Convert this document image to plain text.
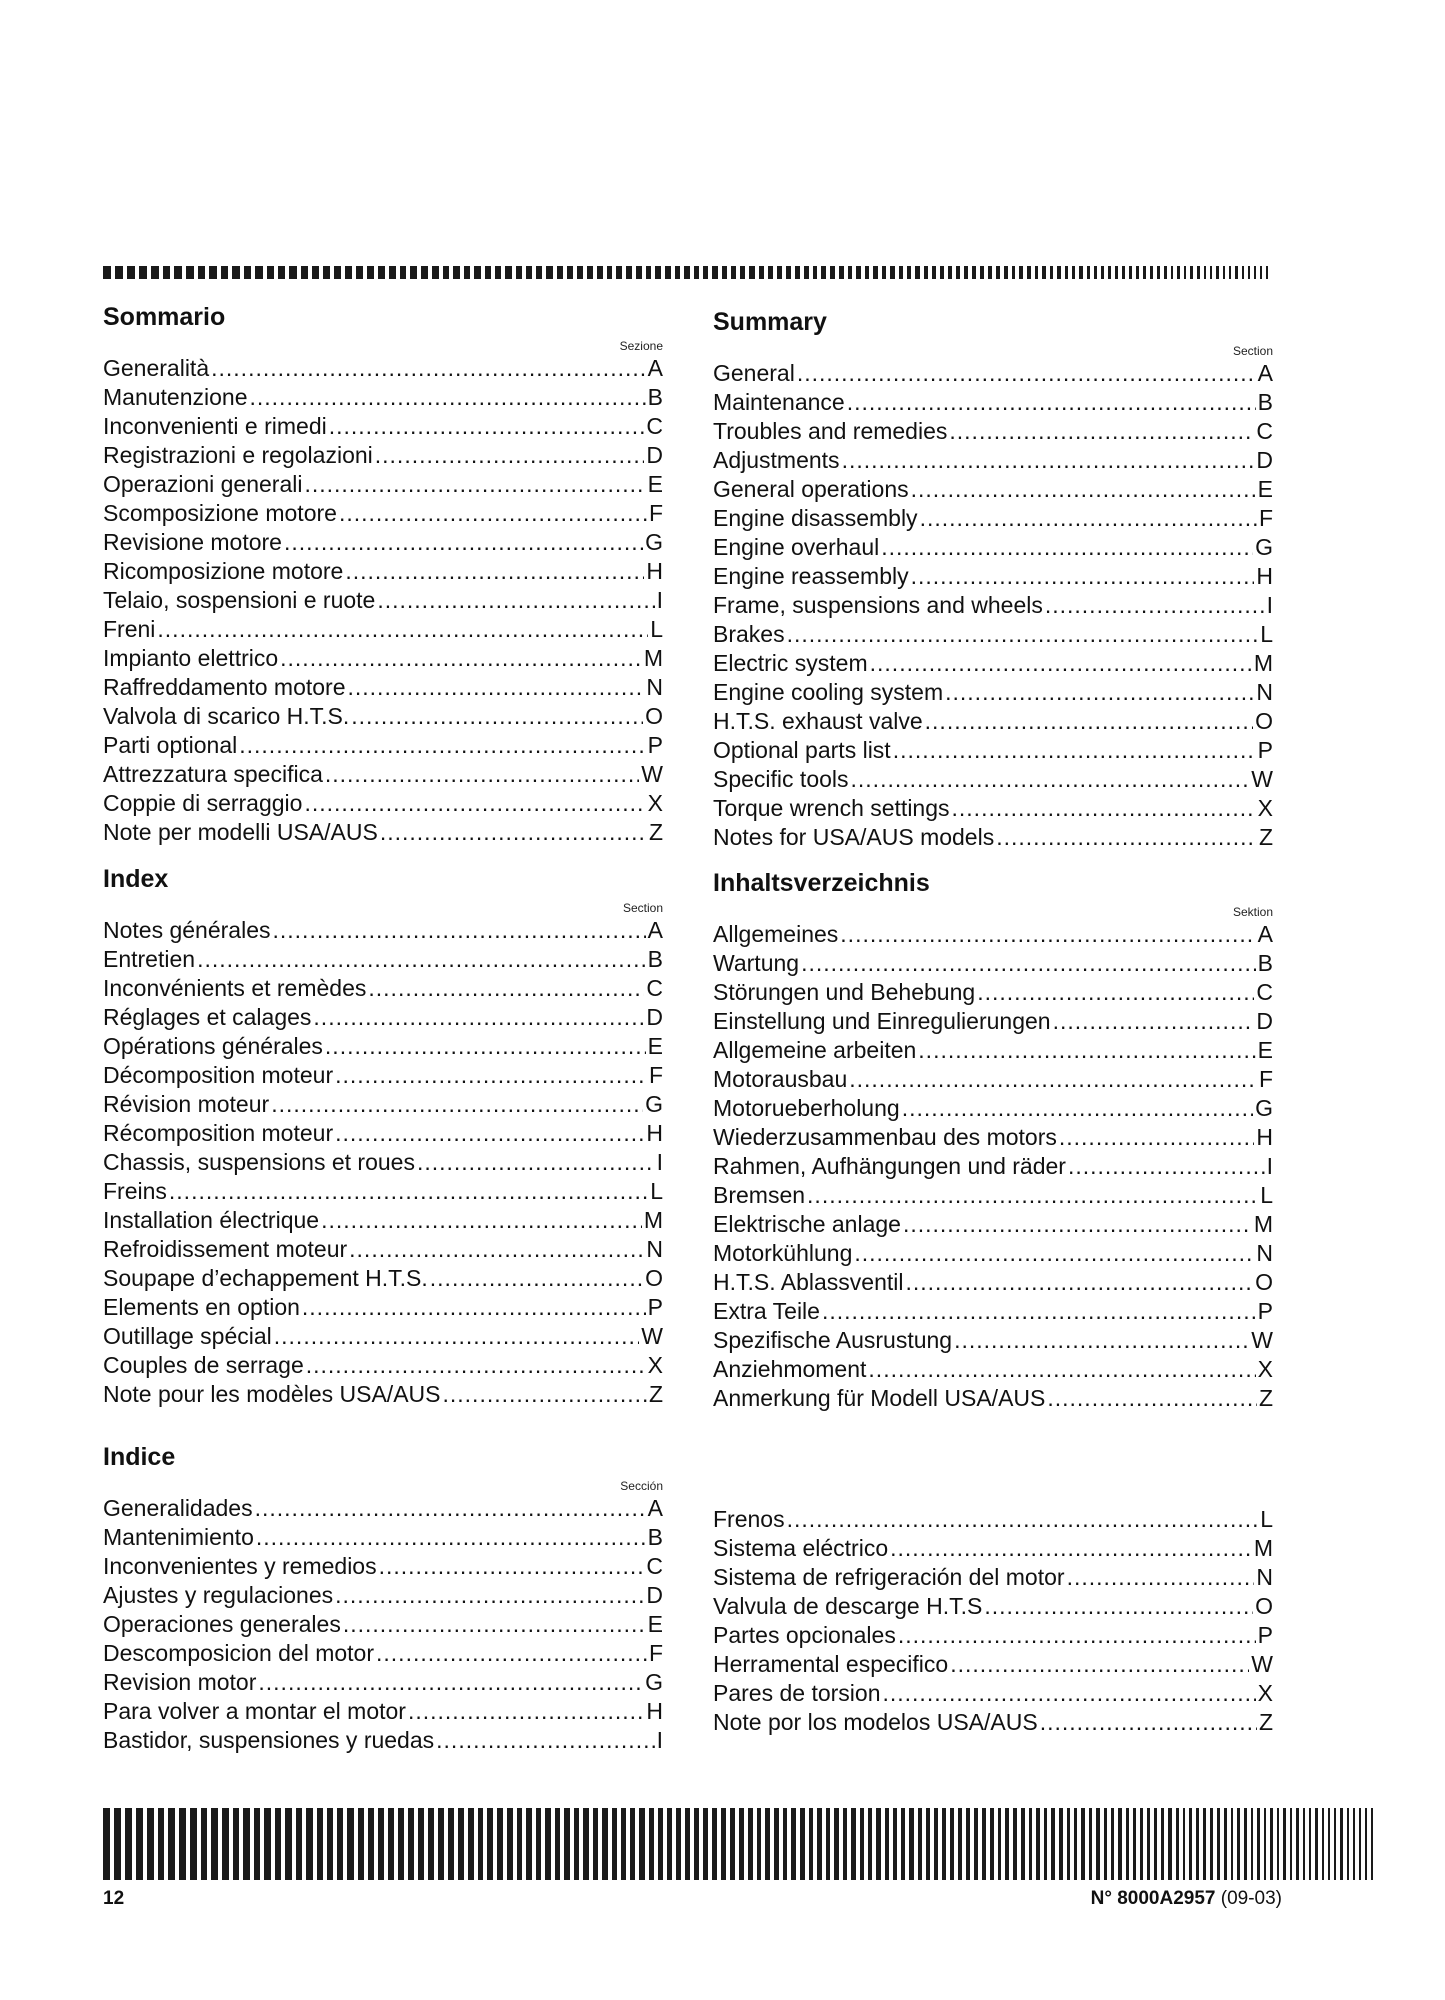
Sommario
Sezione
Generalità .....	A
Manutenzione .....	B
Inconvenienti e rimedi .....	C
Registrazioni e regolazioni .....	D
Operazioni generali .....	E
Scomposizione motore .....	F
Revisione motore .....	G
Ricomposizione motore .....	H
Telaio, sospensioni e ruote .....	I
Freni .....	L
Impianto elettrico .....	M
Raffreddamento motore .....	N
Valvola di scarico H.T.S. .....	O
Parti optional .....	P
Attrezzatura specifica .....	W
Coppie di serraggio .....	X
Note per modelli USA/AUS .....	Z
Summary
Section
General .....	A
Maintenance .....	B
Troubles and remedies .....	C
Adjustments .....	D
General operations .....	E
Engine disassembly .....	F
Engine overhaul .....	G
Engine reassembly .....	H
Frame, suspensions and wheels .....	I
Brakes .....	L
Electric system .....	M
Engine cooling system .....	N
H.T.S. exhaust valve .....	O
Optional parts list .....	P
Specific tools .....	W
Torque wrench settings .....	X
Notes for USA/AUS models .....	Z
Index
Section
Notes générales .....	A
Entretien .....	B
Inconvénients et remèdes .....	C
Réglages et calages .....	D
Opérations générales .....	E
Décomposition moteur .....	F
Révision moteur .....	G
Récomposition moteur .....	H
Chassis, suspensions et roues .....	I
Freins .....	L
Installation électrique .....	M
Refroidissement moteur .....	N
Soupape d’echappement H.T.S. .....	O
Elements en option .....	P
Outillage spécial .....	W
Couples de serrage .....	X
Note pour les modèles USA/AUS .....	Z
Inhaltsverzeichnis
Sektion
Allgemeines .....	A
Wartung .....	B
Störungen und Behebung .....	C
Einstellung und Einregulierungen .....	D
Allgemeine arbeiten .....	E
Motorausbau .....	F
Motorueberholung .....	G
Wiederzusammenbau des motors .....	H
Rahmen, Aufhängungen und räder .....	I
Bremsen .....	L
Elektrische anlage .....	M
Motorkühlung .....	N
H.T.S. Ablassventil .....	O
Extra Teile .....	P
Spezifische Ausrustung .....	W
Anziehmoment .....	X
Anmerkung für Modell USA/AUS .....	Z
Indice
Sección
Generalidades .....	A
Mantenimiento .....	B
Inconvenientes y remedios .....	C
Ajustes y regulaciones .....	D
Operaciones generales .....	E
Descomposicion del motor .....	F
Revision motor .....	G
Para volver a montar el motor .....	H
Bastidor, suspensiones y ruedas .....	I
Frenos .....	L
Sistema eléctrico .....	M
Sistema de refrigeración del motor .....	N
Valvula de descarge H.T.S .....	O
Partes opcionales .....	P
Herramental especifico .....	W
Pares de torsion .....	X
Note por los modelos USA/AUS .....	Z
12	N° 8000A2957 (09-03)
